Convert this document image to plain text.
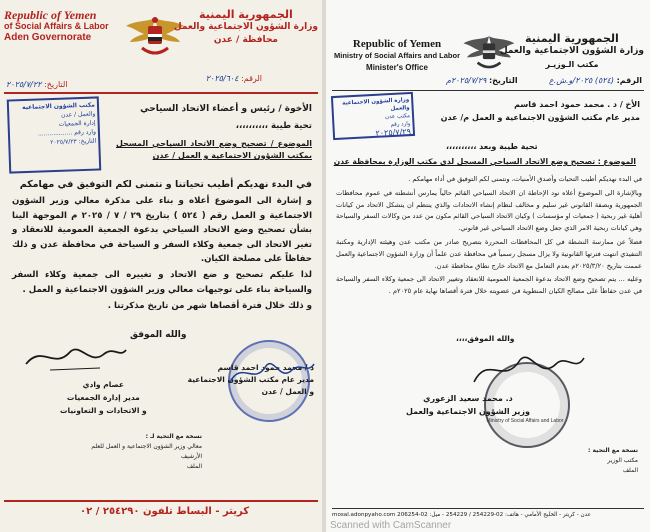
Republic of Yemen
of Social Affairs & Labor
Aden Governorate
الجمهورية اليمنية
وزارة الشؤون الاجتماعية والعمل
محافظة / عدن
الرقم: ٢٠٢٥/٦٠٤
التاريخ: ٢٠٢٥/٧/٢٢
مكتب الشؤون الاجتماعية
والعمل / عدن
إدارة الجمعيات
وارد رقم ..................
التاريخ: ٢٠٢٥/٧/٢٣
الأخوة / رئيس و أعضاء الاتحاد السياحي
تحية طيبة ،،،،،،،،،،
الموضوع / تصحيح وضع الاتحاد السياحي المسجل بمكتب الشؤون الاجتماعية و العمل / عدن

في البدء نهديكم أطيب تحياتنا و نتمنى لكم التوفيق في مهامكم

و إشارة الى الموضوع أعلاه و بناء على مذكرة معالي وزير الشؤون الاجتماعية و العمل رقم ( ٥٢٤ ) بتاريخ ٢٩ / ٧ / ٢٠٢٥ م الموجهة الينا بشأن تصحيح وضع الاتحاد السياحي بدعوة الجمعية العمومية للانعقاد و تغير الاتحاد الى جمعية وكلاء السفر و السياحة في محافظة عدن و ذلك حفاظاً على مصلحة الكيان.

لذا عليكم تصحيح و ضع الاتحاد و تغييره الى جمعية وكلاء السفر والسياحة بناء على توجيهات معالي وزير الشؤون الاجتماعية و العمل .

و ذلك خلال فترة أقصاها شهر من تاريخ مذكرتنا .

والله الموفق
د / محمد حمود احمد قاسم
مدير عام مكتب الشؤون الاجتماعية
و العمل / عدن
عصام وادي
مدير إدارة الجمعيات
و الاتحادات و التعاونيات
نسخة مع التحية لـ :
معالي وزير الشؤون الاجتماعية و العمل للعلم
الأرشيف
الملف
كريتر - البساط تلفون ٢٥٤٢٩٠ / ٠٢
Republic of Yemen
Ministry of Social Affairs and Labor
Minister's Office
الجمهورية اليمنية
وزارة الشؤون الاجتماعية والعمل
مكتب الـوزيـر
الرقم: (٥٢٤) ٢٠٢٥/و.ش.ع
التاريخ: ٢٠٢٥/٧/٢٩م
وزارة الشؤون الاجتماعية والعمل
مكتب عدن
وارد رقم
٢٠٢٥/٧/٢٩
الأخ / د . محمد حمود احمد قاسم
مدير عام مكتب الشؤون الاجتماعية و العمل م/ عدن
تحية طيبة وبعد ،،،،،،،،،،
الموضوع : تصحيح وضع الاتحاد السياحي المسجل لدى مكتب الوزارة بمحافظة عدن

في البدء نهديكم أطيب التحيات وأصدق الأمنيات، ونتمنى لكم التوفيق في أداء مهامكم .

وبالإشارة الى الموضوع أعلاه نود الإحاطة ان الاتحاد السياحي القائم حالياً يمارس أنشطته في عموم محافظات الجمهورية وبصفة القانوني غير سليم و مخالف لنظام إنشاء الاتحادات والذي ينتظم ان يتشكل الاتحاد من كيانات أهلية غير ربحية ( جمعيات او مؤسسات ) وكيان الاتحاد السياحي القائم مكون من عدد من وكالات السفر والسياحة وهي كيانات ربحية الامر الذي جعل وضع الاتحاد السياحي غير قانوني.

فضلاً عن ممارسة النشطة في كل المحافظات المحررة بتصريح صادر من مكتب عدن وهيئته الإدارية ومكتبة التنفيذي انتهت فترتها القانونية ولا يزال مسجل رسمياً في محافظة عدن علماً أن وزارة الشؤون الاجتماعية والعمل عممت بتاريخ ٢٠٢٥/٣/٢٠م بعدم التعامل مع الاتحاد خارج نطاق محافظة عدن.

وعليه ... يتم تصحيح وضع الاتحاد بدعوة الجمعية العمومية للانعقاد وتغيير الاتحاد الى جمعية وكلاء السفر والسياحة في عدن حفاظاً على مصالح الكيان المنطوية في عضويته خلال فترة أقصاها نهاية عام ٢٠٢٥م .

والله الموفق،،،،
Ministry of Social Affairs and Labor
د. محمد سعيد الزعوري
وزير الشؤون الاجتماعية والعمل
نسخة مع التحية :
مكتب الوزير
الملف
عدن - كريتر - الخليج الأمامي - هاتف: 02-254229 / 254229 - ميل: 02-206254 mosal.adonpyaho.com
Scanned with CamScanner
